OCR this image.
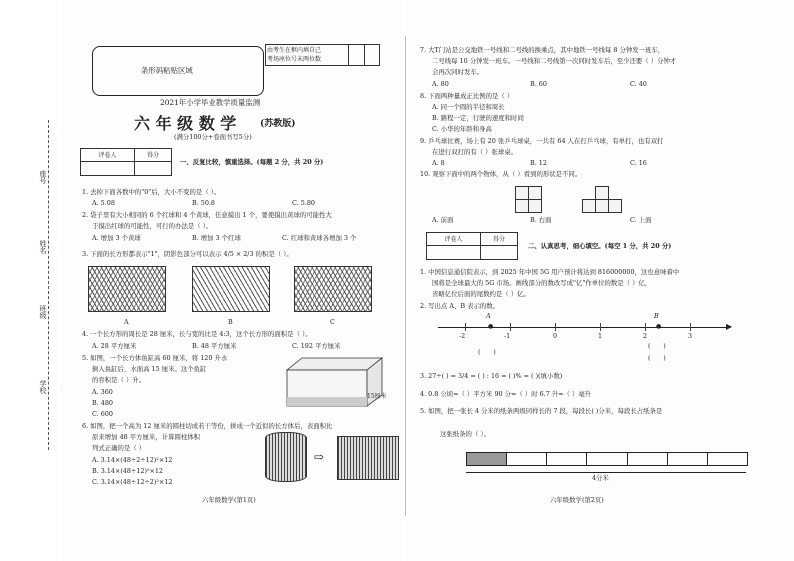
座号
姓名
班级
学校
条形码粘贴区域
由考生在框内填自己
考场座位号末两位数

2021年小学毕业教学质量监测
六 年 级 数 学	(苏教版)
(满分100分+卷面书写5分)
评卷人	得分

一、反复比较，慎重选择。(每题 2 分，共 20 分)
1. 去掉下面各数中的"0"后，大小不变的是（ ）。
A. 5.08	B. 50.8	C. 5.80
2. 袋子里有大小相同的 6 个红球和 4 个黄球，任意摸出 1 个，要使摸出黄球的可能性大
于摸出红球的可能性，可行的办法是（ ）。
A. 增加 3 个黄球	B. 增加 3 个红球	C. 红球和黄球各增加 3 个
3. 下面的长方形都表示"1"，阴影色部分可以表示 4/5 × 2/3 的积是（ ）。
A	B	C
4. 一个长方形的周长是 28 厘米，长与宽的比是 4:3，这个长方形的面积是（ ）。
A. 28 平方厘米	B. 48 平方厘米	C. 192 平方厘米
5. 如图，一个长方体鱼缸高 60 厘米，将 120 升水
倒入鱼缸后，水面高 15 厘米。这个鱼缸
的容积是（ ）升。
A. 360
B. 480
C. 600
15厘米
6. 如图，把一个高为 12 厘米的圆柱切成若干等份，拼成一个近似的长方体后，表面积比
原来增加 48 平方厘米，计算圆柱体积
列式正确的是（ ）
A. 3.14×(48÷2÷12)²×12
B. 3.14×(48÷12)²×12
C. 3.14×(48÷12÷2)²×12
⇨
六年级数学(第1页)
7. 大T门站是公交地铁一号线和二号线的换乘点，其中地铁一号线每 8 分钟发一班车，
二号线每 10 分钟发一班车。一号线和二号线第一次同时发车后，至少还要（ ）分钟才
会再次同时发车。
A. 80	B. 60	C. 40
8. 下面两种量成正比例的是（ ）
A. 同一个圆的半径和周长
B. 路程一定，行驶的速度和时间
C. 小华的年龄和身高
9. 乒乓球比赛，场上有 20 张乒乓球桌，一共有 64 人在打乒乓球，有单打，也有双打
在进行双打的有（ ）张球桌。
A. 8	B. 12	C. 16
10. 观察下面中的两个物体，从（ ）看到的形状是不同。
A. 前面	B. 右面	C. 上面
评卷人	得分

二、认真思考，细心填空。(每空 1 分，共 20 分)
1. 中国信息通信院表示，到 2025 年中国 5G 用户预计将达到 816000000，这也意味着中
国将是全球最大的 5G 市场。画线部分的数改写成"亿"作单位的数是（ ）亿，
省略亿位后面的尾数约是（ ）亿。
2. 写出点 A、B 表示的数。
▶
-2	-1	0	1	2	3
A
●
B
●
(　　)
(　　)
(　　)
3. 27÷( ) = 3/4 = ( ) : 16 = ( )% = ( )(填小数)
4. 0.8 公顷=（ ）平方米 90 分=（ ）时 6.7 升=（ ）毫升
5. 如图，把一张长 4 分米的纸条两级同样长的 7 段，每段长( )分米，每段长占纸条是
这张纸条的（ ）。
4分米
六年级数学(第2页)
